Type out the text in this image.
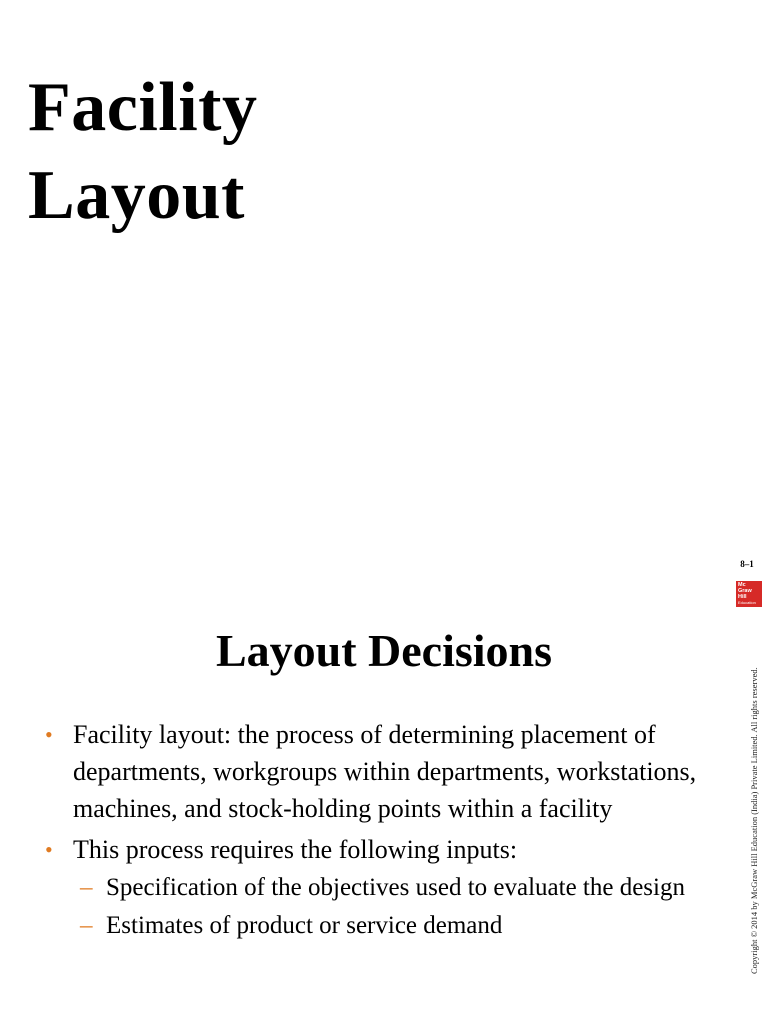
Facility
Layout
8–1
Mc
Graw
Hill
Education
Copyright © 2014 by McGraw Hill Education (India) Private Limited. All rights reserved.
Layout Decisions
• Facility layout: the process of determining placement of departments, workgroups within departments, workstations, machines, and stock-holding points within a facility
• This process requires the following inputs:
– Specification of the objectives used to evaluate the design
– Estimates of product or service demand
